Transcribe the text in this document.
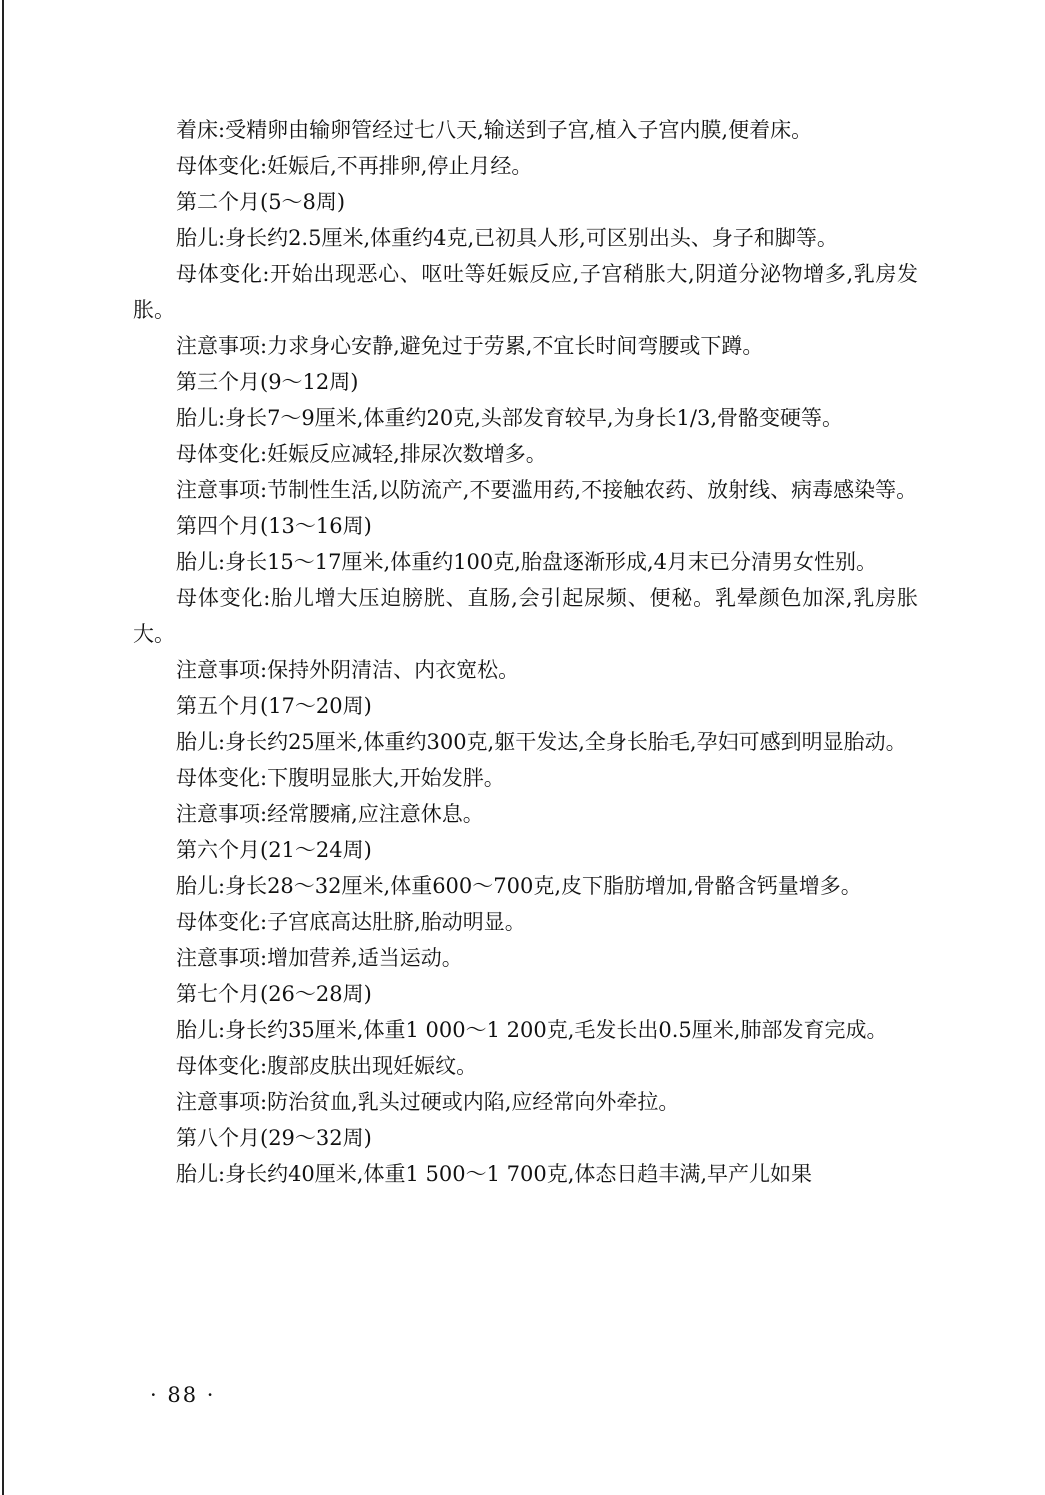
着床:受精卵由输卵管经过七八天,输送到子宫,植入子宫内膜,便着床。

母体变化:妊娠后,不再排卵,停止月经。

第二个月(5～8周)

胎儿:身长约2.5厘米,体重约4克,已初具人形,可区别出头、身子和脚等。

母体变化:开始出现恶心、呕吐等妊娠反应,子宫稍胀大,阴道分泌物增多,乳房发胀。

注意事项:力求身心安静,避免过于劳累,不宜长时间弯腰或下蹲。

第三个月(9～12周)

胎儿:身长7～9厘米,体重约20克,头部发育较早,为身长1/3,骨骼变硬等。

母体变化:妊娠反应减轻,排尿次数增多。

注意事项:节制性生活,以防流产,不要滥用药,不接触农药、放射线、病毒感染等。

第四个月(13～16周)

胎儿:身长15～17厘米,体重约100克,胎盘逐渐形成,4月末已分清男女性别。

母体变化:胎儿增大压迫膀胱、直肠,会引起尿频、便秘。乳晕颜色加深,乳房胀大。

注意事项:保持外阴清洁、内衣宽松。

第五个月(17～20周)

胎儿:身长约25厘米,体重约300克,躯干发达,全身长胎毛,孕妇可感到明显胎动。

母体变化:下腹明显胀大,开始发胖。

注意事项:经常腰痛,应注意休息。

第六个月(21～24周)

胎儿:身长28～32厘米,体重600～700克,皮下脂肪增加,骨骼含钙量增多。

母体变化:子宫底高达肚脐,胎动明显。

注意事项:增加营养,适当运动。

第七个月(26～28周)

胎儿:身长约35厘米,体重1 000～1 200克,毛发长出0.5厘米,肺部发育完成。

母体变化:腹部皮肤出现妊娠纹。

注意事项:防治贫血,乳头过硬或内陷,应经常向外牵拉。

第八个月(29～32周)

胎儿:身长约40厘米,体重1 500～1 700克,体态日趋丰满,早产儿如果

· 88 ·
